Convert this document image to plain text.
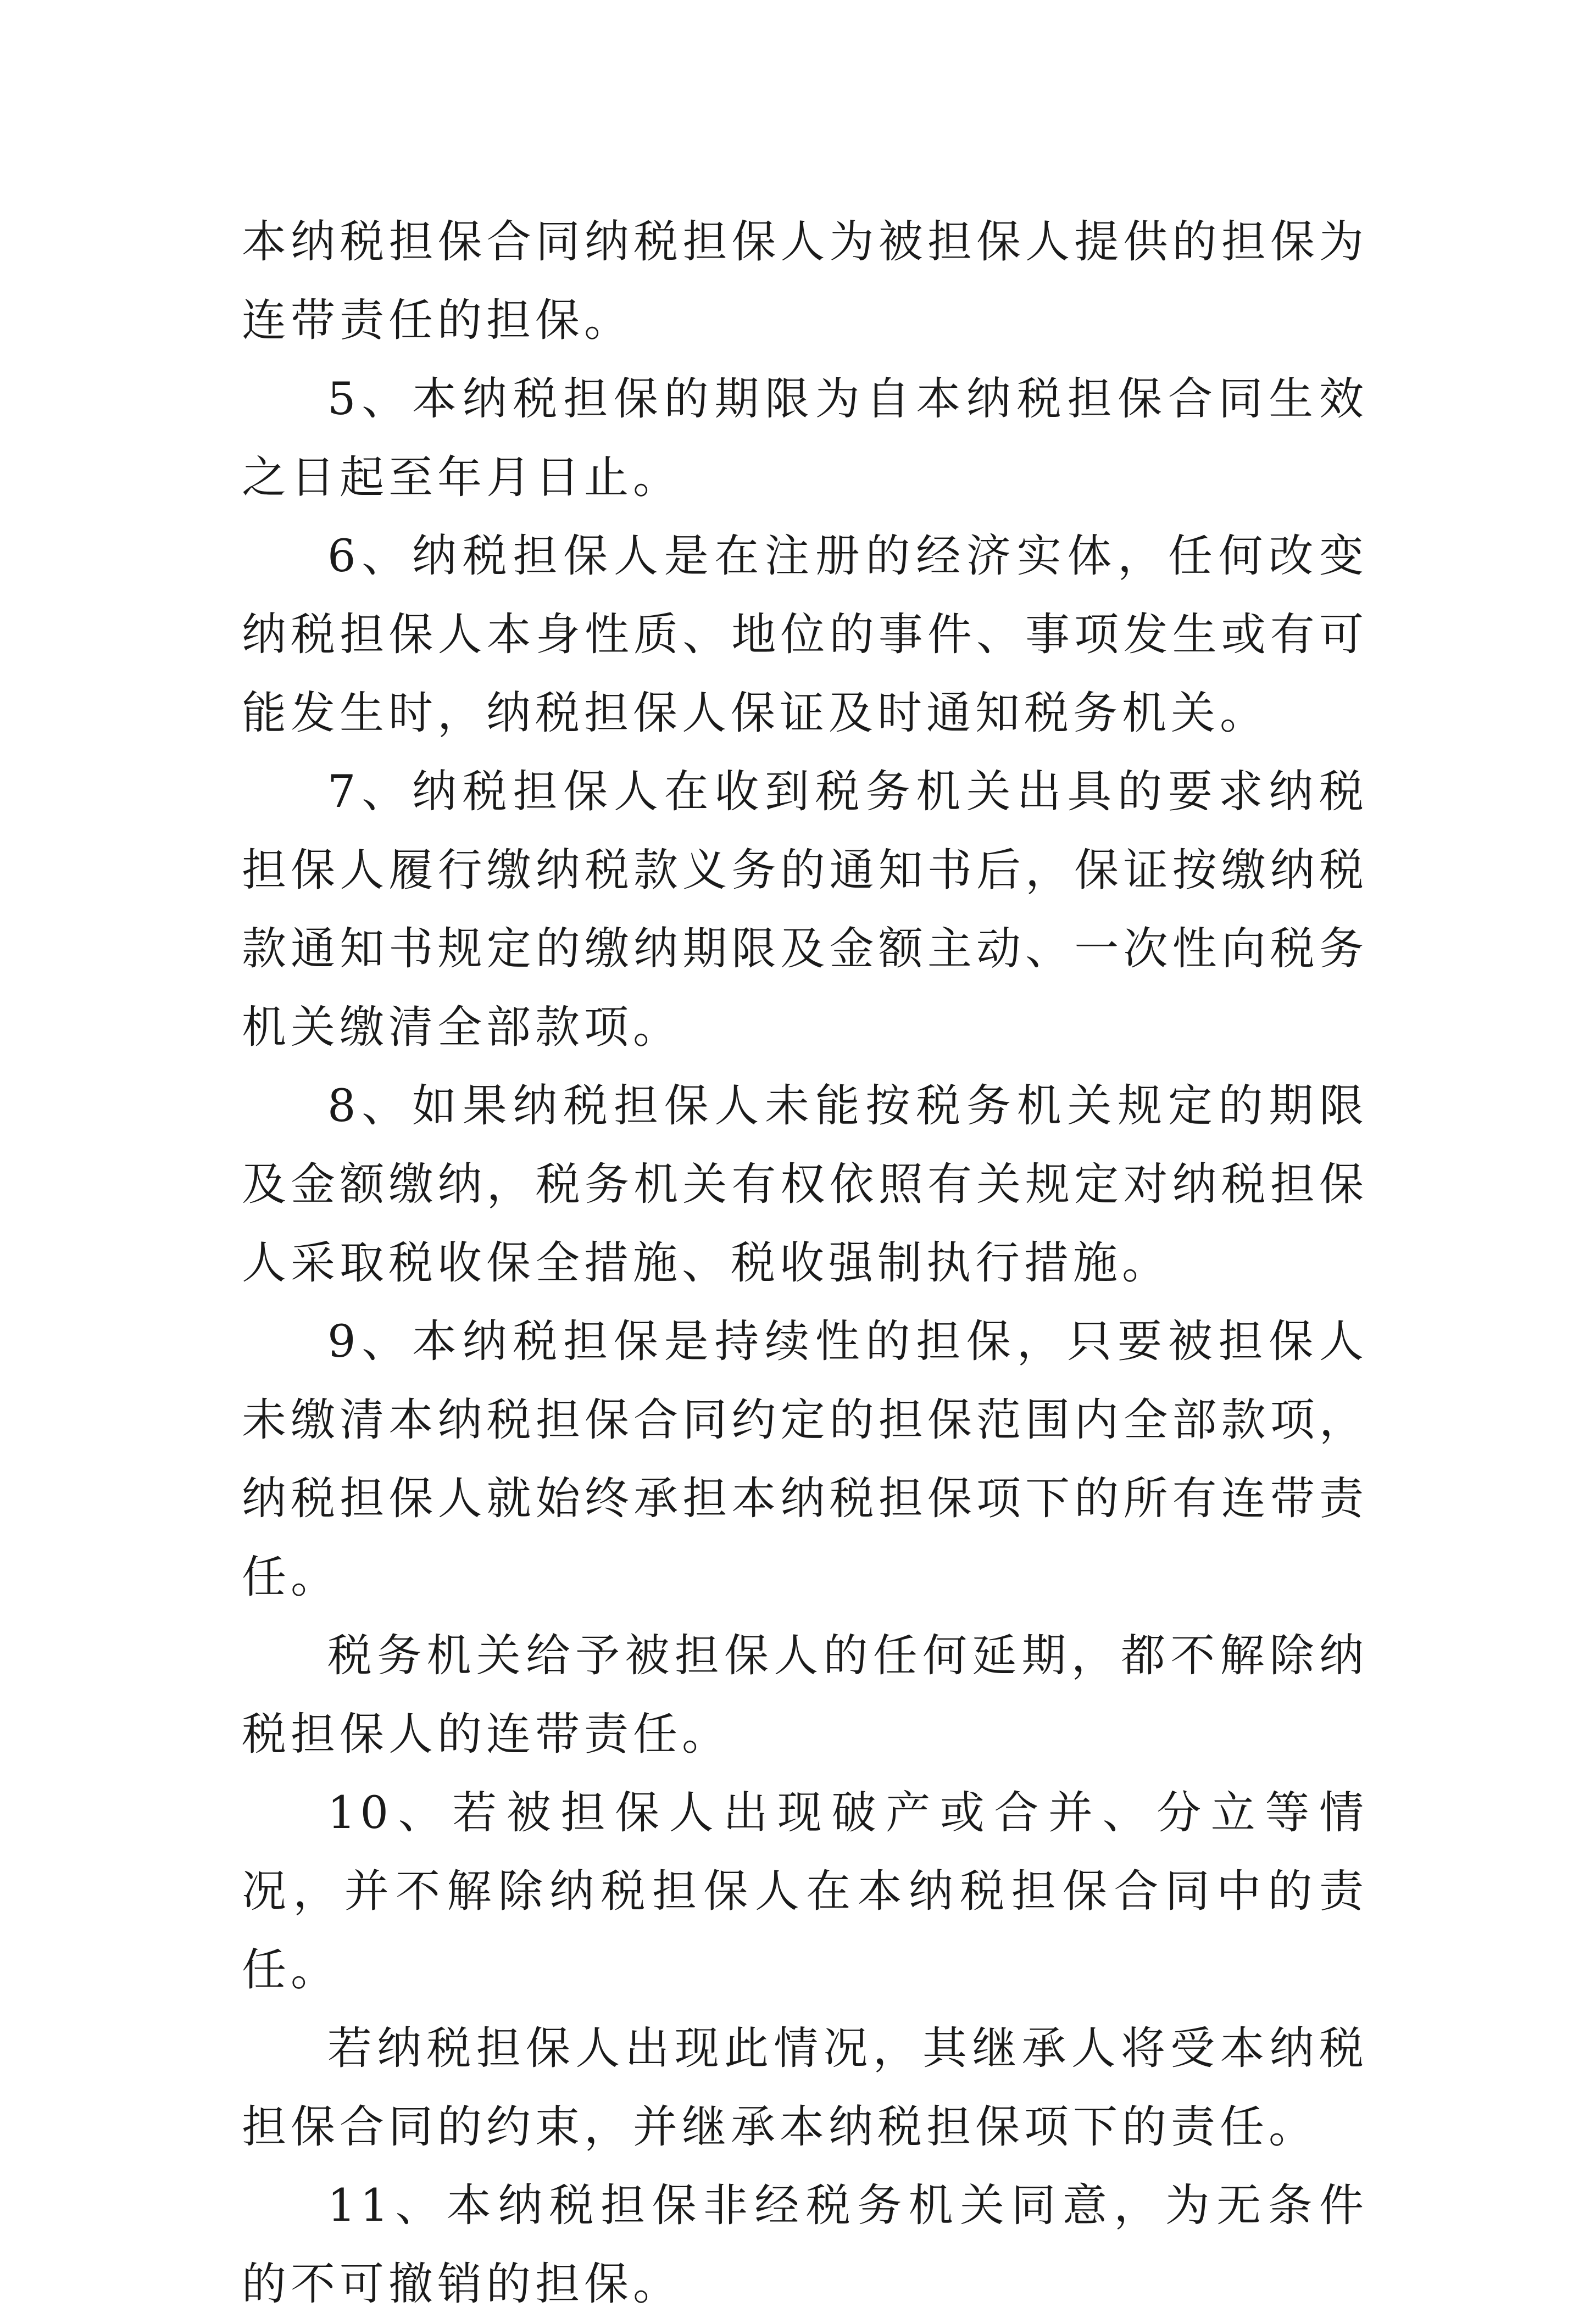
本纳税担保合同纳税担保人为被担保人提供的担保为连带责任的担保。

5、本纳税担保的期限为自本纳税担保合同生效之日起至年月日止。

6、纳税担保人是在注册的经济实体，任何改变纳税担保人本身性质、地位的事件、事项发生或有可能发生时，纳税担保人保证及时通知税务机关。

7、纳税担保人在收到税务机关出具的要求纳税担保人履行缴纳税款义务的通知书后，保证按缴纳税款通知书规定的缴纳期限及金额主动、一次性向税务机关缴清全部款项。

8、如果纳税担保人未能按税务机关规定的期限及金额缴纳，税务机关有权依照有关规定对纳税担保人采取税收保全措施、税收强制执行措施。

9、本纳税担保是持续性的担保，只要被担保人未缴清本纳税担保合同约定的担保范围内全部款项，纳税担保人就始终承担本纳税担保项下的所有连带责任。

税务机关给予被担保人的任何延期，都不解除纳税担保人的连带责任。

10、若被担保人出现破产或合并、分立等情况，并不解除纳税担保人在本纳税担保合同中的责任。

若纳税担保人出现此情况，其继承人将受本纳税担保合同的约束，并继承本纳税担保项下的责任。

11、本纳税担保非经税务机关同意，为无条件的不可撤销的担保。
